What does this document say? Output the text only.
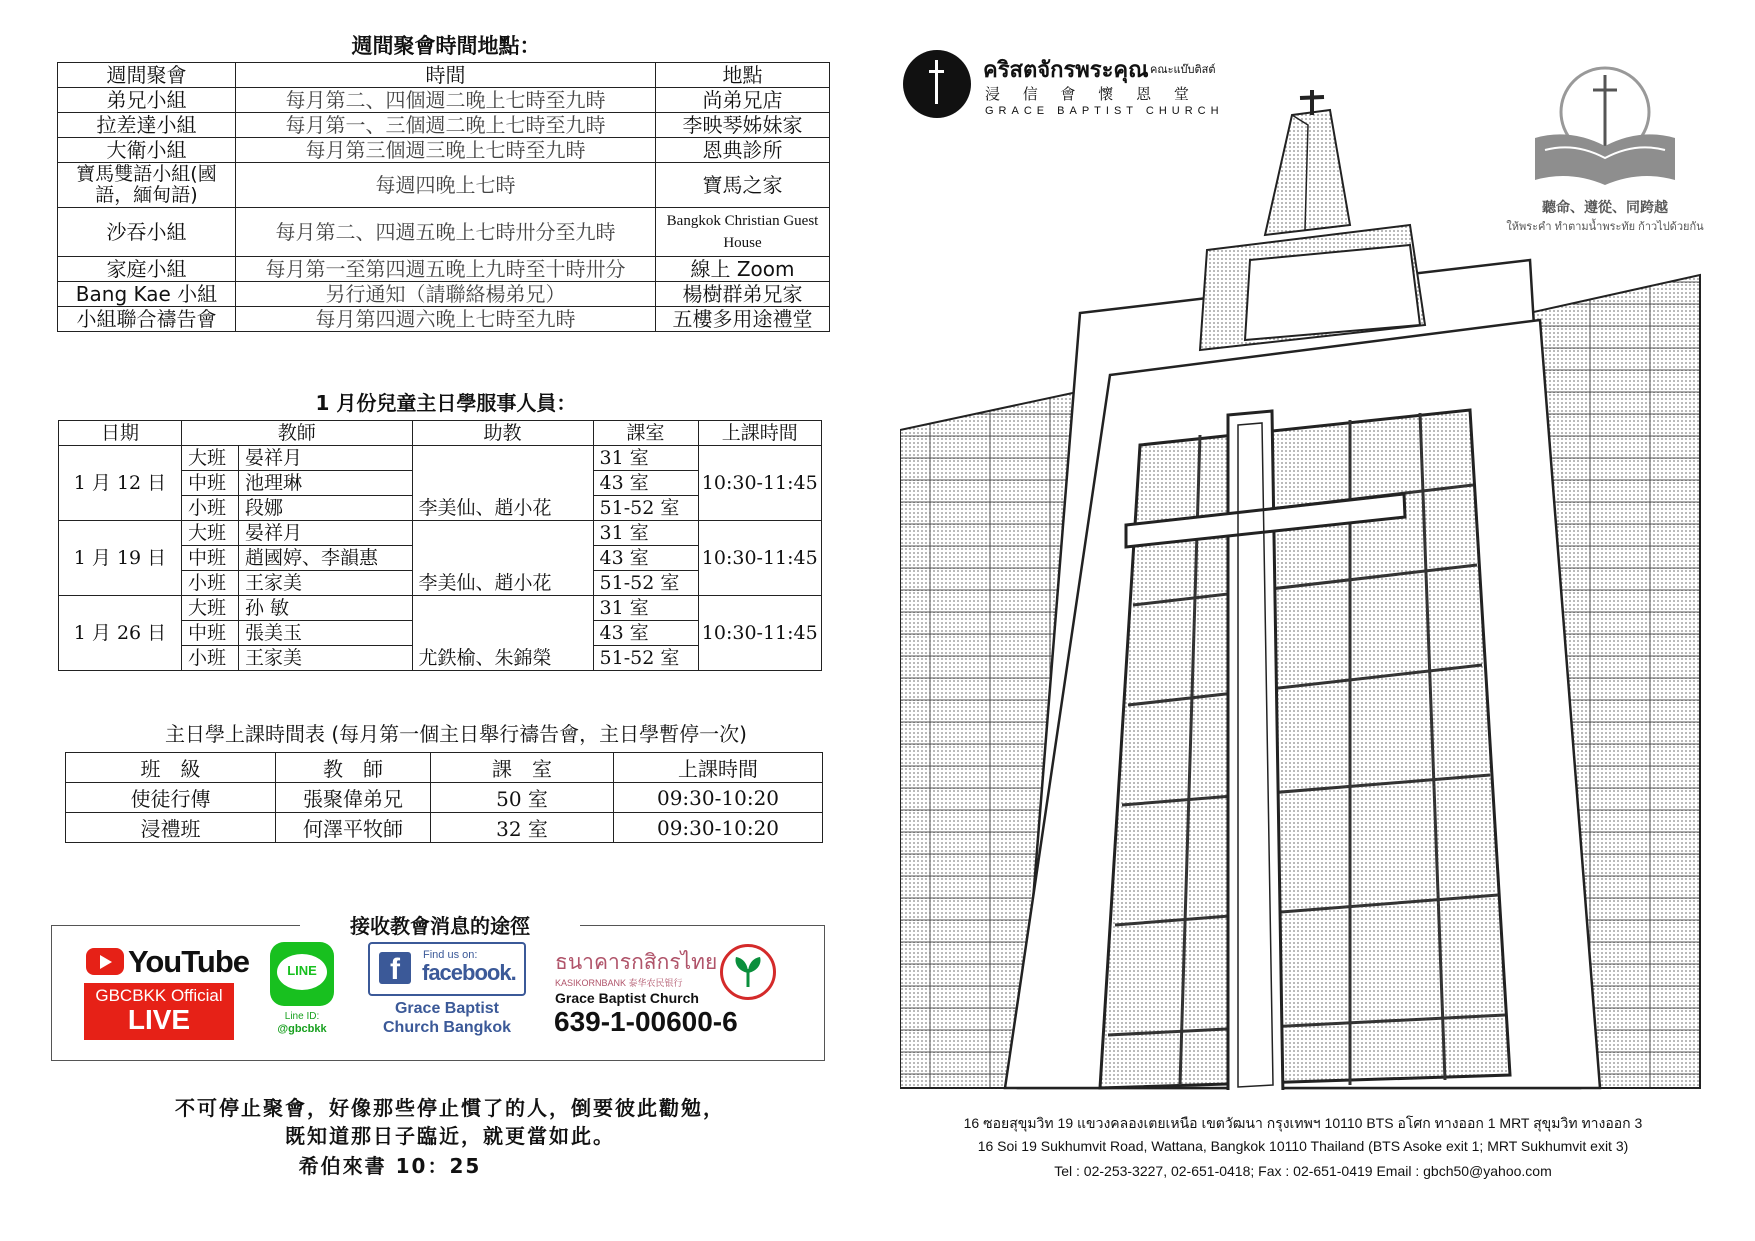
週間聚會時間地點：
週間聚會	時間	地點
弟兄小組	每月第二、四個週二晚上七時至九時	尚弟兄店
拉差達小組	每月第一、三個週二晚上七時至九時	李映琴姊妹家
大衛小組	每月第三個週三晚上七時至九時	恩典診所
寶馬雙語小組(國語，緬甸語)	每週四晚上七時	寶馬之家
沙吞小組	每月第二、四週五晚上七時卅分至九時	Bangkok Christian Guest House
家庭小組	每月第一至第四週五晚上九時至十時卅分	線上 Zoom
Bang Kae 小組	另行通知（請聯絡楊弟兄）	楊樹群弟兄家
小組聯合禱告會	每月第四週六晚上七時至九時	五樓多用途禮堂
1 月份兒童主日學服事人員：
日期	教師		助教	課室	上課時間
1 月 12 日	大班	晏祥月		31 室	10:30-11:45
	中班	池理琳		43 室	
	小班	段娜	李美仙、趙小花	51-52 室	
1 月 19 日	大班	晏祥月		31 室	10:30-11:45
	中班	趙國婷、李韻惠		43 室	
	小班	王家美	李美仙、趙小花	51-52 室	
1 月 26 日	大班	孙 敏		31 室	10:30-11:45
	中班	張美玉		43 室	
	小班	王家美	尤鉄榆、朱錦榮	51-52 室	
主日學上課時間表 (每月第一個主日舉行禱告會，主日學暫停一次)
班　級	教　師	課　室	上課時間
使徒行傳	張聚偉弟兄	50 室	09:30-10:20
浸禮班	何澤平牧師	32 室	09:30-10:20
接收教會消息的途徑
YouTube
GBCBKK Official
LIVE
LINE
Line ID:
@gbcbkk
f	Find us on:
facebook.
Grace Baptist
Church Bangkok
ธนาคารกสิกรไทย
KASIKORNBANK 泰华农民银行
Grace Baptist Church
639-1-00600-6
不可停止聚會，好像那些停止慣了的人，倒要彼此勸勉，
既知道那日子臨近，就更當如此。
希伯來書 10：25
คริสตจักรพระคุณ คณะแบ๊บติสต์
浸 信 會 懷 恩 堂
GRACE BAPTIST CHURCH
聽命、遵從、同跨越
ให้พระคำ ทำตามน้ำพระทัย ก้าวไปด้วยกัน
16 ซอยสุขุมวิท 19 แขวงคลองเตยเหนือ เขตวัฒนา กรุงเทพฯ 10110 BTS อโศก ทางออก 1 MRT สุขุมวิท ทางออก 3
16 Soi 19 Sukhumvit Road, Wattana, Bangkok 10110 Thailand (BTS Asoke exit 1; MRT Sukhumvit exit 3)
Tel : 02-253-3227, 02-651-0418; Fax : 02-651-0419 Email : gbch50@yahoo.com
